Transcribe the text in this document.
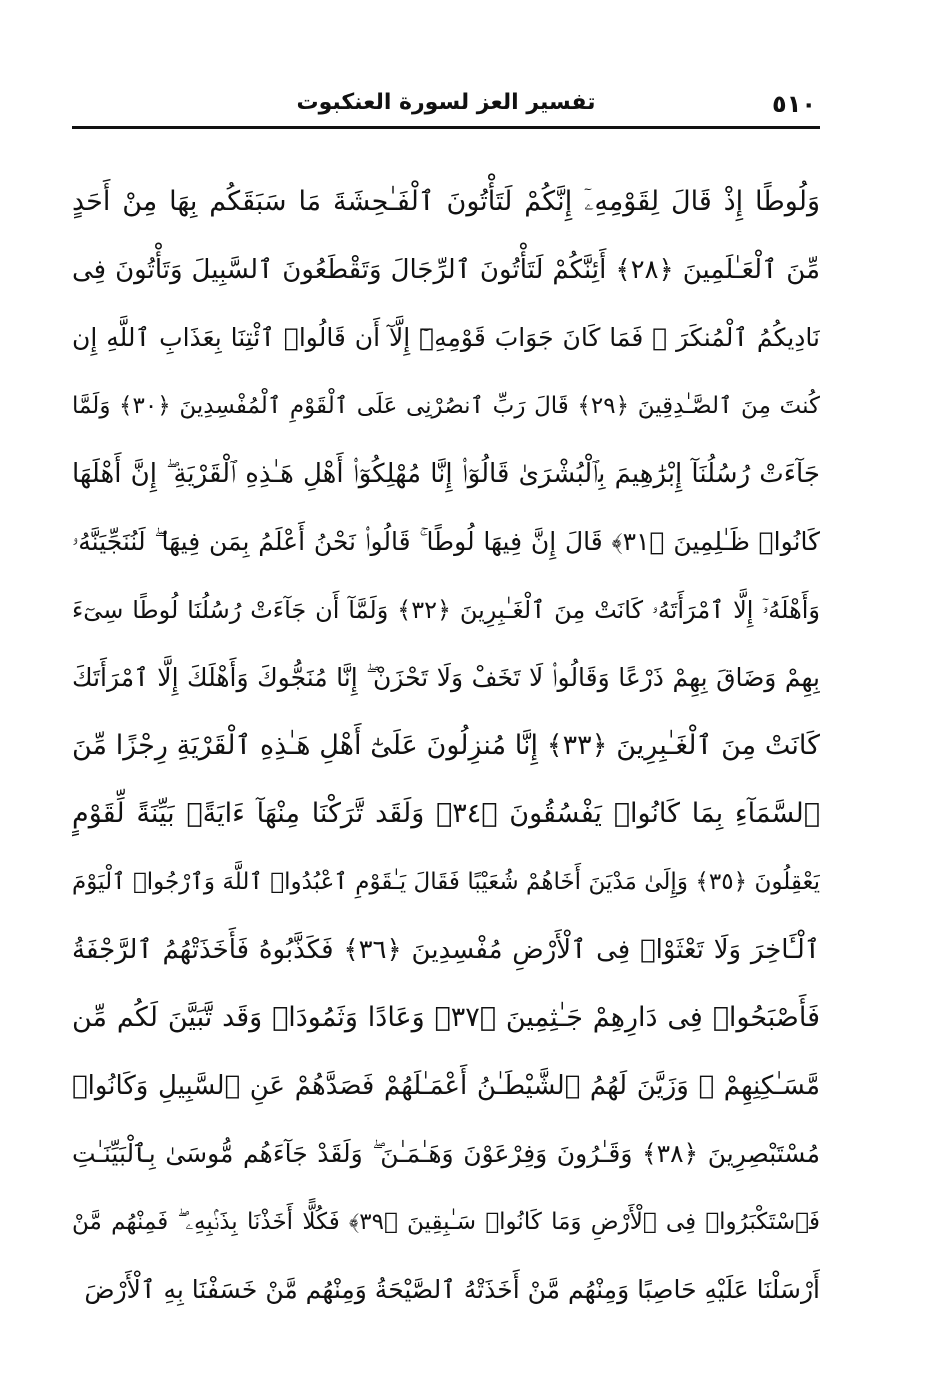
٥١٠
تفسير العز لسورة العنكبوت
وَلُوطًا إِذْ قَالَ لِقَوْمِهِۦٓ إِنَّكُمْ لَتَأْتُونَ ٱلْفَـٰحِشَةَ مَا سَبَقَكُم بِهَا مِنْ أَحَدٍ
مِّنَ ٱلْعَـٰلَمِينَ ﴿٢٨﴾ أَئِنَّكُمْ لَتَأْتُونَ ٱلرِّجَالَ وَتَقْطَعُونَ ٱلسَّبِيلَ وَتَأْتُونَ فِى
نَادِيكُمُ ٱلْمُنكَرَ ۖ فَمَا كَانَ جَوَابَ قَوْمِهِۦٓ إِلَّآ أَن قَالُوا۟ ٱئْتِنَا بِعَذَابِ ٱللَّهِ إِن
كُنتَ مِنَ ٱلصَّـٰدِقِينَ ﴿٢٩﴾ قَالَ رَبِّ ٱنصُرْنِى عَلَى ٱلْقَوْمِ ٱلْمُفْسِدِينَ ﴿٣٠﴾ وَلَمَّا
جَآءَتْ رُسُلُنَآ إِبْرَٰهِيمَ بِٱلْبُشْرَىٰ قَالُوٓا۟ إِنَّا مُهْلِكُوٓا۟ أَهْلِ هَـٰذِهِ ٱلْقَرْيَةِ ۖ إِنَّ أَهْلَهَا
كَانُوا۟ ظَـٰلِمِينَ ﴿٣١﴾ قَالَ إِنَّ فِيهَا لُوطًا ۚ قَالُوا۟ نَحْنُ أَعْلَمُ بِمَن فِيهَا ۖ لَنُنَجِّيَنَّهُۥ
وَأَهْلَهُۥٓ إِلَّا ٱمْرَأَتَهُۥ كَانَتْ مِنَ ٱلْغَـٰبِرِينَ ﴿٣٢﴾ وَلَمَّآ أَن جَآءَتْ رُسُلُنَا لُوطًا سِىٓءَ
بِهِمْ وَضَاقَ بِهِمْ ذَرْعًا وَقَالُوا۟ لَا تَخَفْ وَلَا تَحْزَنْ ۖ إِنَّا مُنَجُّوكَ وَأَهْلَكَ إِلَّا ٱمْرَأَتَكَ
كَانَتْ مِنَ ٱلْغَـٰبِرِينَ ﴿٣٣﴾ إِنَّا مُنزِلُونَ عَلَىٰٓ أَهْلِ هَـٰذِهِ ٱلْقَرْيَةِ رِجْزًا مِّنَ
ٱلسَّمَآءِ بِمَا كَانُوا۟ يَفْسُقُونَ ﴿٣٤﴾ وَلَقَد تَّرَكْنَا مِنْهَآ ءَايَةًۢ بَيِّنَةً لِّقَوْمٍ
يَعْقِلُونَ ﴿٣٥﴾ وَإِلَىٰ مَدْيَنَ أَخَاهُمْ شُعَيْبًا فَقَالَ يَـٰقَوْمِ ٱعْبُدُوا۟ ٱللَّهَ وَٱرْجُوا۟ ٱلْيَوْمَ
ٱلْـَٔاخِرَ وَلَا تَعْثَوْا۟ فِى ٱلْأَرْضِ مُفْسِدِينَ ﴿٣٦﴾ فَكَذَّبُوهُ فَأَخَذَتْهُمُ ٱلرَّجْفَةُ
فَأَصْبَحُوا۟ فِى دَارِهِمْ جَـٰثِمِينَ ﴿٣٧﴾ وَعَادًا وَثَمُودَا۟ وَقَد تَّبَيَّنَ لَكُم مِّن
مَّسَـٰكِنِهِمْ ۖ وَزَيَّنَ لَهُمُ ٱلشَّيْطَـٰنُ أَعْمَـٰلَهُمْ فَصَدَّهُمْ عَنِ ٱلسَّبِيلِ وَكَانُوا۟
مُسْتَبْصِرِينَ ﴿٣٨﴾ وَقَـٰرُونَ وَفِرْعَوْنَ وَهَـٰمَـٰنَ ۖ وَلَقَدْ جَآءَهُم مُّوسَىٰ بِٱلْبَيِّنَـٰتِ
فَٱسْتَكْبَرُوا۟ فِى ٱلْأَرْضِ وَمَا كَانُوا۟ سَـٰبِقِينَ ﴿٣٩﴾ فَكُلًّا أَخَذْنَا بِذَنۢبِهِۦ ۖ فَمِنْهُم مَّنْ
أَرْسَلْنَا عَلَيْهِ حَاصِبًا وَمِنْهُم مَّنْ أَخَذَتْهُ ٱلصَّيْحَةُ وَمِنْهُم مَّنْ خَسَفْنَا بِهِ ٱلْأَرْضَ
